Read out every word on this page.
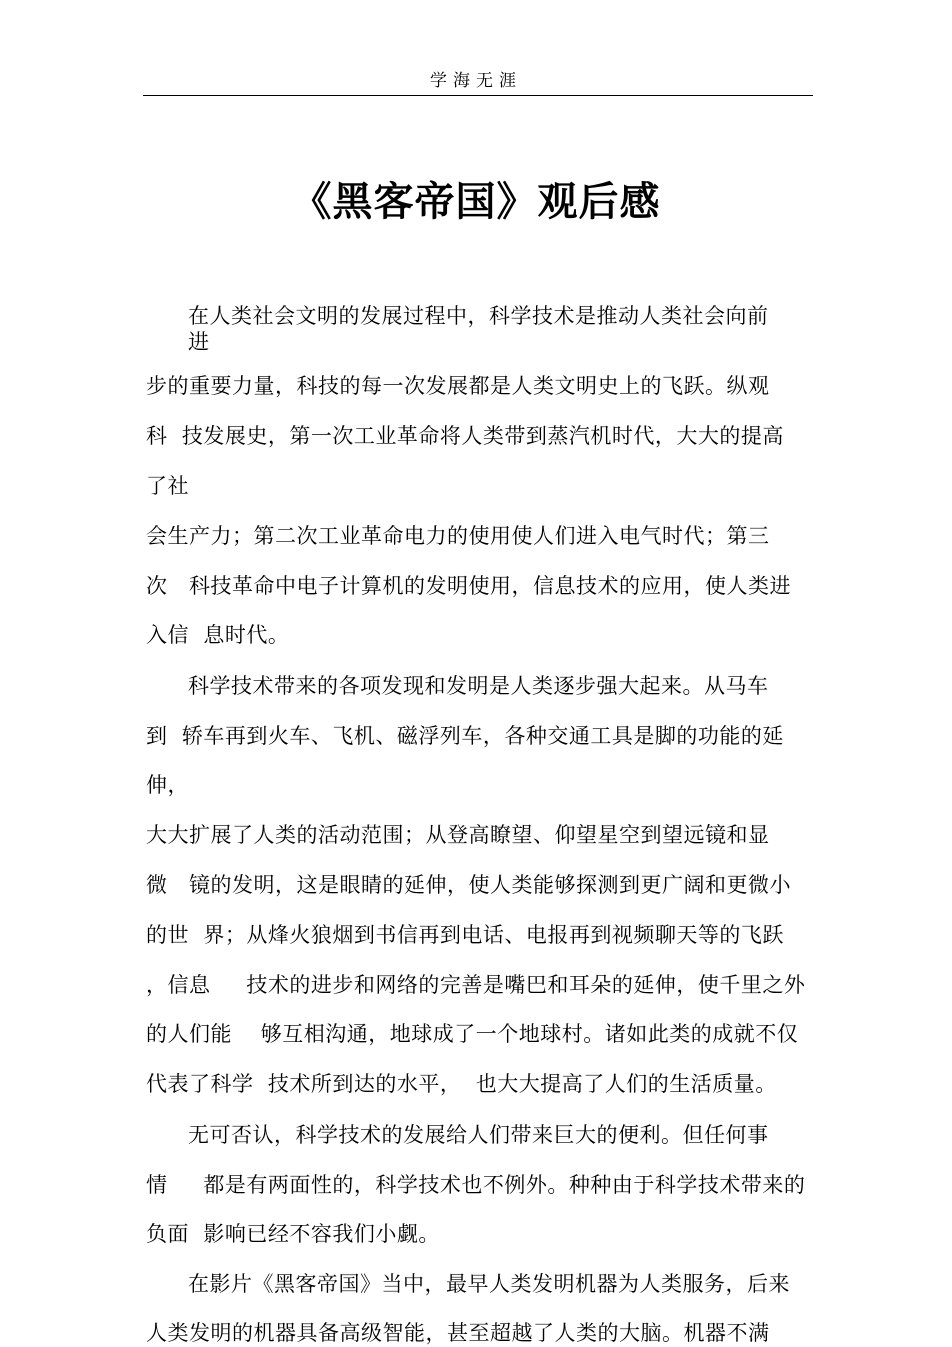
学海无涯
《黑客帝国》观后感
在人类社会文明的发展过程中，科学技术是推动人类社会向前
进
步的重要力量，科技的每一次发展都是人类文明史上的飞跃。纵观
科  技发展史，第一次工业革命将人类带到蒸汽机时代，大大的提高
了社
会生产力；第二次工业革命电力的使用使人们进入电气时代；第三
次   科技革命中电子计算机的发明使用，信息技术的应用，使人类进
入信  息时代。
科学技术带来的各项发现和发明是人类逐步强大起来。从马车
到  轿车再到火车、飞机、磁浮列车，各种交通工具是脚的功能的延
伸，
大大扩展了人类的活动范围；从登高瞭望、仰望星空到望远镜和显
微   镜的发明，这是眼睛的延伸，使人类能够探测到更广阔和更微小
的世  界；从烽火狼烟到书信再到电话、电报再到视频聊天等的飞跃
，信息     技术的进步和网络的完善是嘴巴和耳朵的延伸，使千里之外
的人们能    够互相沟通，地球成了一个地球村。诸如此类的成就不仅
代表了科学  技术所到达的水平，  也大大提高了人们的生活质量。
无可否认，科学技术的发展给人们带来巨大的便利。但任何事
情     都是有两面性的，科学技术也不例外。种种由于科学技术带来的
负面  影响已经不容我们小觑。
在影片《黑客帝国》当中，最早人类发明机器为人类服务，后来
人类发明的机器具备高级智能，甚至超越了人类的大脑。机器不满
